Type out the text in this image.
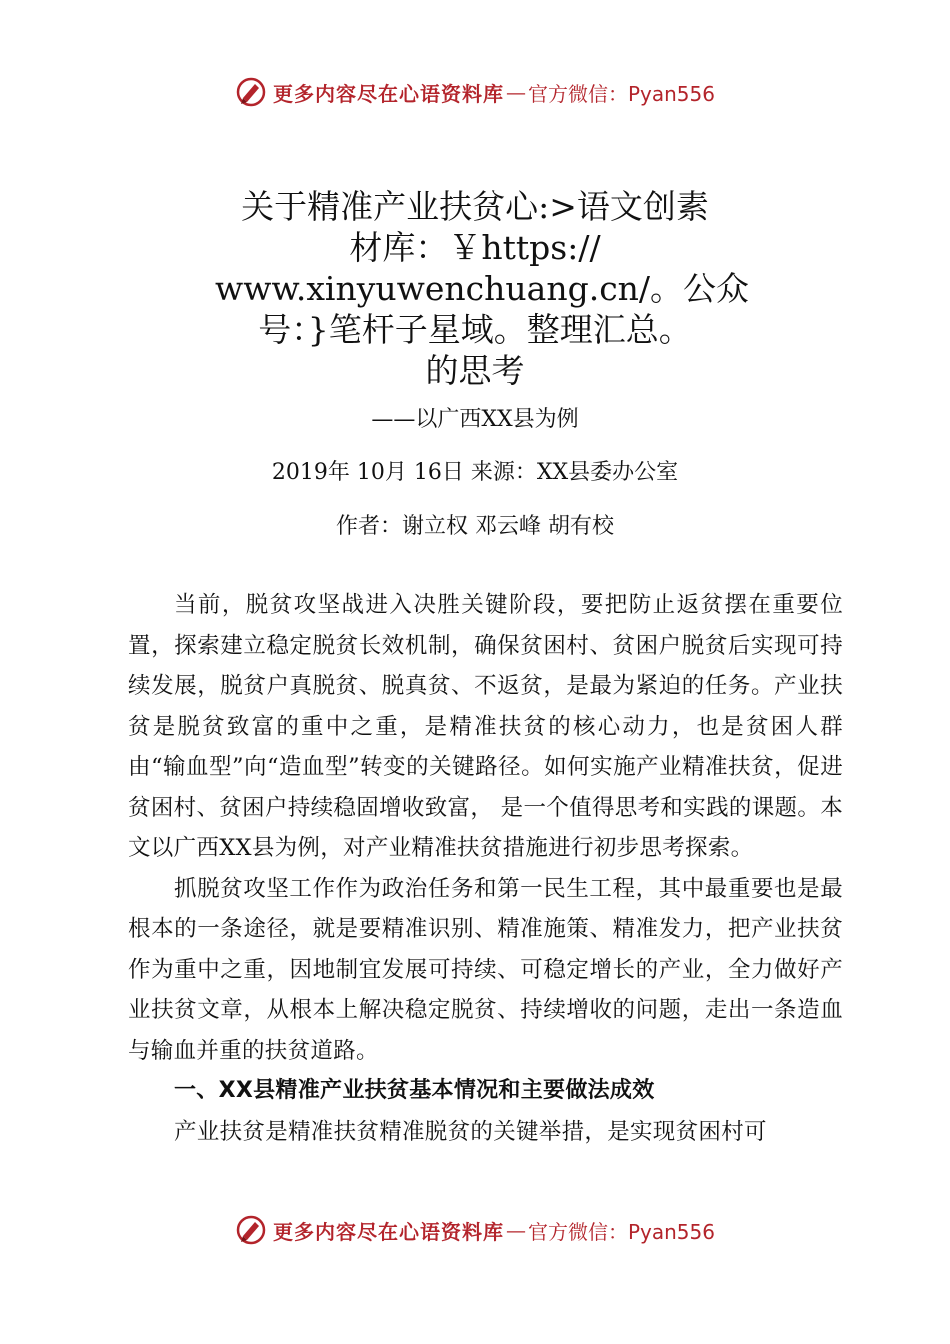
更多内容尽在心语资料库 — 官方微信：Pyan556
关于精准产业扶贫心:>语文创素
材库：￥https://
www.xinyuwenchuang.cn/。公众
号：}笔杆子星域。整理汇总。
的思考
——以广西XX县为例
2019年 10月 16日 来源：XX县委办公室
作者：谢立权 邓云峰 胡有校

当前，脱贫攻坚战进入决胜关键阶段，要把防止返贫摆在重要位置，探索建立稳定脱贫长效机制，确保贫困村、贫困户脱贫后实现可持续发展，脱贫户真脱贫、脱真贫、不返贫，是最为紧迫的任务。产业扶贫是脱贫致富的重中之重，是精准扶贫的核心动力，也是贫困人群由“输血型”向“造血型”转变的关键路径。如何实施产业精准扶贫，促进贫困村、贫困户持续稳固增收致富， 是一个值得思考和实践的课题。本文以广西XX县为例，对产业精准扶贫措施进行初步思考探索。

抓脱贫攻坚工作作为政治任务和第一民生工程，其中最重要也是最根本的一条途径，就是要精准识别、精准施策、精准发力，把产业扶贫作为重中之重，因地制宜发展可持续、可稳定增长的产业，全力做好产业扶贫文章，从根本上解决稳定脱贫、持续增收的问题，走出一条造血与输血并重的扶贫道路。

一、XX县精准产业扶贫基本情况和主要做法成效

产业扶贫是精准扶贫精准脱贫的关键举措，是实现贫困村可

更多内容尽在心语资料库 — 官方微信：Pyan556
